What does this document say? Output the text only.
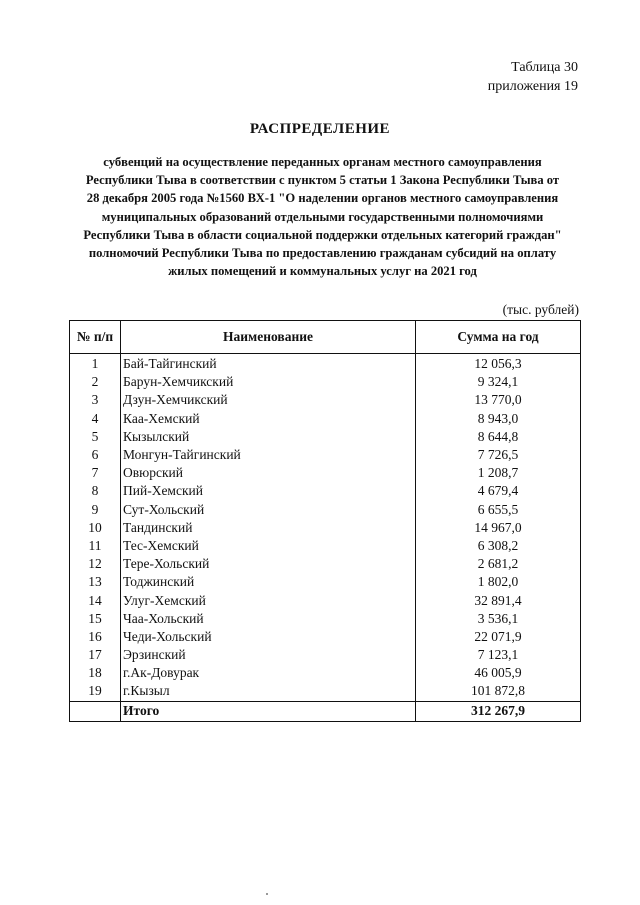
Таблица 30
приложения 19
РАСПРЕДЕЛЕНИЕ
субвенций на осуществление переданных органам местного самоуправления
Республики Тыва в соответствии с пунктом 5 статьи 1 Закона Республики Тыва от
28 декабря 2005 года №1560 ВХ-1 "О наделении органов местного самоуправления
муниципальных образований отдельными государственными полномочиями
Республики Тыва в области социальной поддержки отдельных категорий граждан"
полномочий Республики Тыва по предоставлению гражданам субсидий на оплату
жилых помещений и коммунальных услуг на 2021 год
(тыс. рублей)
№ п/п	Наименование	Сумма на год
1	Бай-Тайгинский	12 056,3
2	Барун-Хемчикский	9 324,1
3	Дзун-Хемчикский	13 770,0
4	Каа-Хемский	8 943,0
5	Кызылский	8 644,8
6	Монгун-Тайгинский	7 726,5
7	Овюрский	1 208,7
8	Пий-Хемский	4 679,4
9	Сут-Хольский	6 655,5
10	Тандинский	14 967,0
11	Тес-Хемский	6 308,2
12	Тере-Хольский	2 681,2
13	Тоджинский	1 802,0
14	Улуг-Хемский	32 891,4
15	Чаа-Хольский	3 536,1
16	Чеди-Хольский	22 071,9
17	Эрзинский	7 123,1
18	г.Ак-Довурак	46 005,9
19	г.Кызыл	101 872,8
	Итого	312 267,9
